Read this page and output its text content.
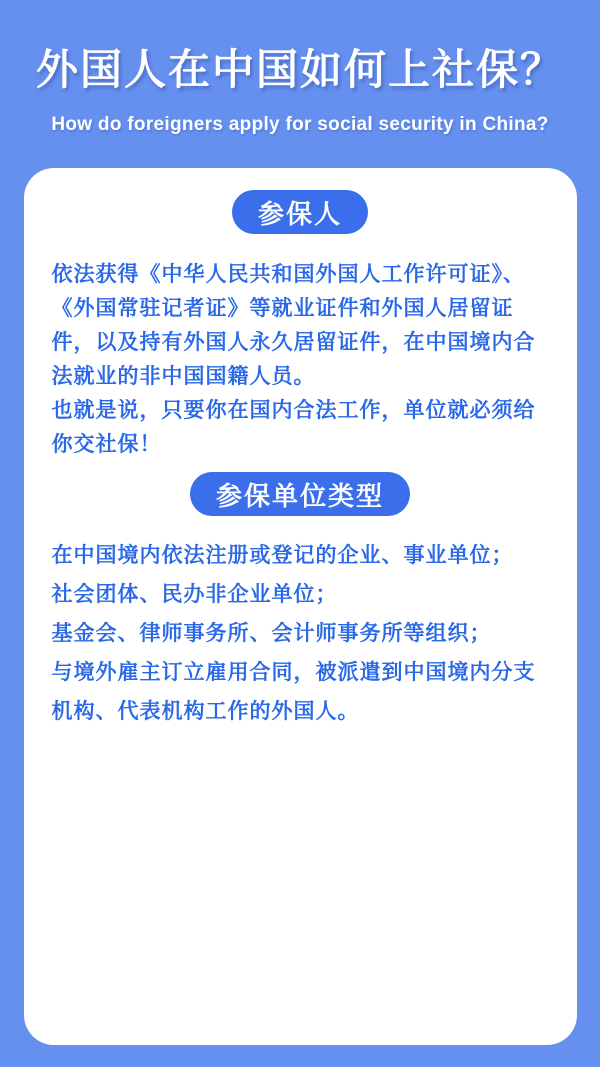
外国人在中国如何上社保？
How do foreigners apply for social security in China?
参保人
依法获得《中华人民共和国外国人工作许可证》、
《外国常驻记者证》等就业证件和外国人居留证
件，以及持有外国人永久居留证件，在中国境内合
法就业的非中国国籍人员。
也就是说，只要你在国内合法工作，单位就必须给
你交社保！
参保单位类型
在中国境内依法注册或登记的企业、事业单位；
社会团体、民办非企业单位；
基金会、律师事务所、会计师事务所等组织；
与境外雇主订立雇用合同，被派遣到中国境内分支
机构、代表机构工作的外国人。
